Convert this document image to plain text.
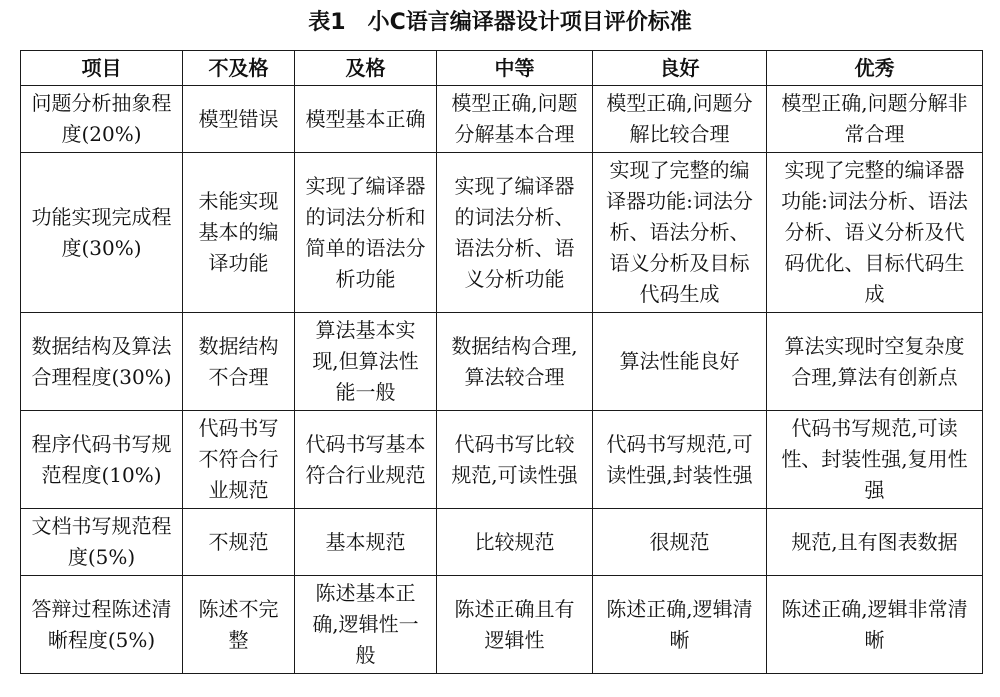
表1 小C语言编译器设计项目评价标准
项目	不及格	及格	中等	良好	优秀
问题分析抽象程度(20%)	模型错误	模型基本正确	模型正确,问题分解基本合理	模型正确,问题分解比较合理	模型正确,问题分解非常合理
功能实现完成程度(30%)	未能实现基本的编译功能	实现了编译器的词法分析和简单的语法分析功能	实现了编译器的词法分析、语法分析、语义分析功能	实现了完整的编译器功能:词法分析、语法分析、语义分析及目标代码生成	实现了完整的编译器功能:词法分析、语法分析、语义分析及代码优化、目标代码生成
数据结构及算法合理程度(30%)	数据结构不合理	算法基本实现,但算法性能一般	数据结构合理,算法较合理	算法性能良好	算法实现时空复杂度合理,算法有创新点
程序代码书写规范程度(10%)	代码书写不符合行业规范	代码书写基本符合行业规范	代码书写比较规范,可读性强	代码书写规范,可读性强,封装性强	代码书写规范,可读性、封装性强,复用性强
文档书写规范程度(5%)	不规范	基本规范	比较规范	很规范	规范,且有图表数据
答辩过程陈述清晰程度(5%)	陈述不完整	陈述基本正确,逻辑性一般	陈述正确且有逻辑性	陈述正确,逻辑清晰	陈述正确,逻辑非常清晰
